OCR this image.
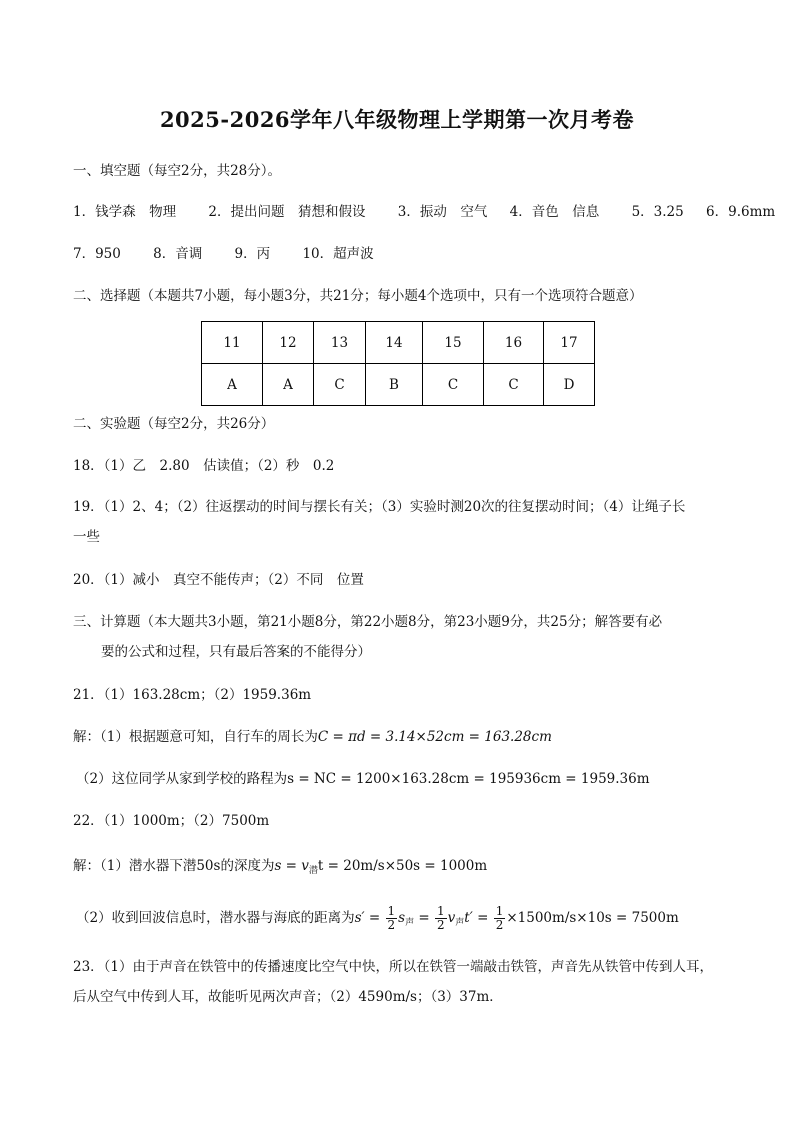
2025-2026学年八年级物理上学期第一次月考卷
一、填空题（每空2分，共28分）。
1．钱学森　物理 2．提出问题　猜想和假设 3．振动　空气 4．音色　信息 5．3.25 6．9.6mm
7．950 8．音调 9．丙 10．超声波
二、选择题（本题共7小题，每小题3分，共21分；每小题4个选项中，只有一个选项符合题意）
11	12	13	14	15	16	17
A	A	C	B	C	C	D
二、实验题（每空2分，共26分）
18．（1）乙　2.80　估读值；（2）秒　0.2
19．（1）2、4；（2）往返摆动的时间与摆长有关；（3）实验时测20次的往复摆动时间；（4）让绳子长
一些
20．（1）减小　真空不能传声；（2）不同　位置
三、计算题（本大题共3小题，第21小题8分，第22小题8分，第23小题9分，共25分；解答要有必
要的公式和过程，只有最后答案的不能得分）
21．（1）163.28cm；（2）1959.36m
解：（1）根据题意可知，自行车的周长为C = πd = 3.14×52cm = 163.28cm
（2）这位同学从家到学校的路程为s = NC = 1200×163.28cm = 195936cm = 1959.36m
22．（1）1000m；（2）7500m
解：（1）潜水器下潜50s的深度为$s = v_潜t = 20m/s\times 50s = 1000m$
（2）收到回波信息时，潜水器与海底的距离为$s' = \frac{1}{2} s_声 = \frac{1}{2} v_声t' = \frac{1}{2} \times 1500m/s\times 10s = 7500m$
23．（1）由于声音在铁管中的传播速度比空气中快，所以在铁管一端敲击铁管，声音先从铁管中传到人耳，
后从空气中传到人耳，故能听见两次声音；（2）4590m/s；（3）37m．
